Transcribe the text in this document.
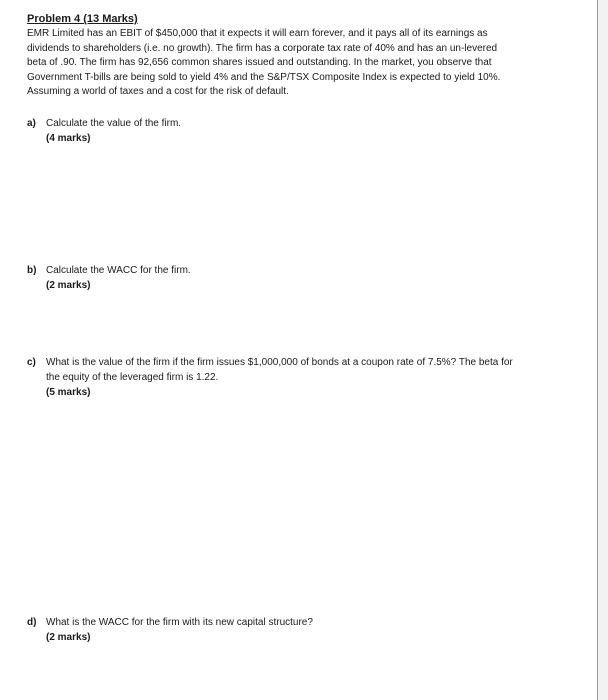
Problem 4 (13 Marks)
EMR Limited has an EBIT of $450,000 that it expects it will earn forever, and it pays all of its earnings as
dividends to shareholders (i.e. no growth). The firm has a corporate tax rate of 40% and has an un-levered
beta of .90. The firm has 92,656 common shares issued and outstanding. In the market, you observe that
Government T-bills are being sold to yield 4% and the S&P/TSX Composite Index is expected to yield 10%.
Assuming a world of taxes and a cost for the risk of default.
a) Calculate the value of the firm.
(4 marks)
b) Calculate the WACC for the firm.
(2 marks)
c) What is the value of the firm if the firm issues $1,000,000 of bonds at a coupon rate of 7.5%? The beta for
the equity of the leveraged firm is 1.22.
(5 marks)
d) What is the WACC for the firm with its new capital structure?
(2 marks)
